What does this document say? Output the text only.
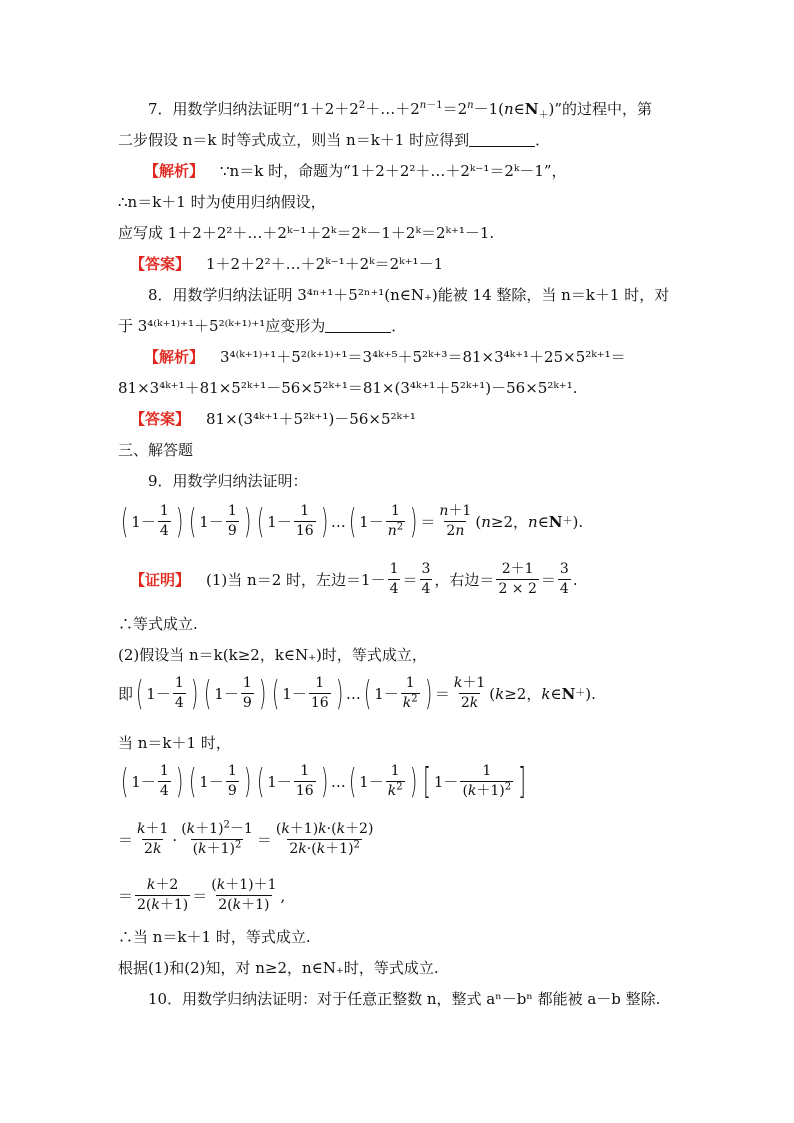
7．用数学归纳法证明“$1+2+2^2+\dots+2^{n-1}=2^n-1(n\in N_+)$”的过程中，第
二步假设 n＝k 时等式成立，则当 n＝k＋1 时应得到	．
【解析】 ∵n＝k 时，命题为“1＋2＋2²＋…＋2ᵏ⁻¹＝2ᵏ－1”，
∴n＝k＋1 时为使用归纳假设，
应写成 1＋2＋2²＋…＋2ᵏ⁻¹＋2ᵏ＝2ᵏ－1＋2ᵏ＝2ᵏ⁺¹－1.
【答案】 1＋2＋2²＋…＋2ᵏ⁻¹＋2ᵏ＝2ᵏ⁺¹－1
8．用数学归纳法证明 3⁴ⁿ⁺¹＋5²ⁿ⁺¹(n∈N₊)能被 14 整除，当 n＝k＋1 时，对
于 3⁴⁽ᵏ⁺¹⁾⁺¹＋5²⁽ᵏ⁺¹⁾⁺¹应变形为	．
【解析】 3⁴⁽ᵏ⁺¹⁾⁺¹＋5²⁽ᵏ⁺¹⁾⁺¹＝3⁴ᵏ⁺⁵＋5²ᵏ⁺³＝81×3⁴ᵏ⁺¹＋25×5²ᵏ⁺¹＝
81×3⁴ᵏ⁺¹＋81×5²ᵏ⁺¹－56×5²ᵏ⁺¹＝81×(3⁴ᵏ⁺¹＋5²ᵏ⁺¹)－56×5²ᵏ⁺¹.
【答案】 81×(3⁴ᵏ⁺¹＋5²ᵏ⁺¹)－56×5²ᵏ⁺¹
三、解答题
9．用数学归纳法证明：
( $1- \frac{1}{4}$ ) ( $1- \frac{1}{9}$ ) ( $1- \frac{1}{16}$ ) … ( $1- \frac{1}{n^2}$ ) ＝ $\frac{n+1}{2n}$ ( n ≥2， n ∈ N ＋ ).
【证明】 (1)当 n＝2 时，左边$=1- \frac{1}{4} = \frac{3}{4}$ ，右边＝ $\frac{2+1}{2 \times 2} = \frac{3}{4}$ .
∴等式成立.
(2)假设当 n＝k(k≥2，k∈N₊)时，等式成立，
即 ( $1- \frac{1}{4}$ ) ( $1- \frac{1}{9}$ ) ( $1- \frac{1}{16}$ ) … ( $1- \frac{1}{k^2}$ ) ＝ $\frac{k+1}{2k}$ ( k ≥2， k ∈ N ＋ ).
当 n＝k＋1 时，
( $1- \frac{1}{4}$ ) ( $1- \frac{1}{9}$ ) ( $1- \frac{1}{16}$ ) … ( $1- \frac{1}{k^2}$ ) [ $1- \frac{1}{(k+1)^2}$ ]
＝ $\frac{k+1}{2k} \cdot \frac{(k+1)^2-1}{(k+1)^2} = \frac{(k+1)k\cdot(k+2)}{2k\cdot(k+1)^2}$
＝ $\frac{k+2}{2(k+1)} = \frac{(k+1)+1}{2(k+1)}$ ,
∴当 n＝k＋1 时，等式成立.
根据(1)和(2)知，对 n≥2，n∈N₊时，等式成立.
10．用数学归纳法证明：对于任意正整数 n，整式 aⁿ－bⁿ 都能被 a－b 整除.
